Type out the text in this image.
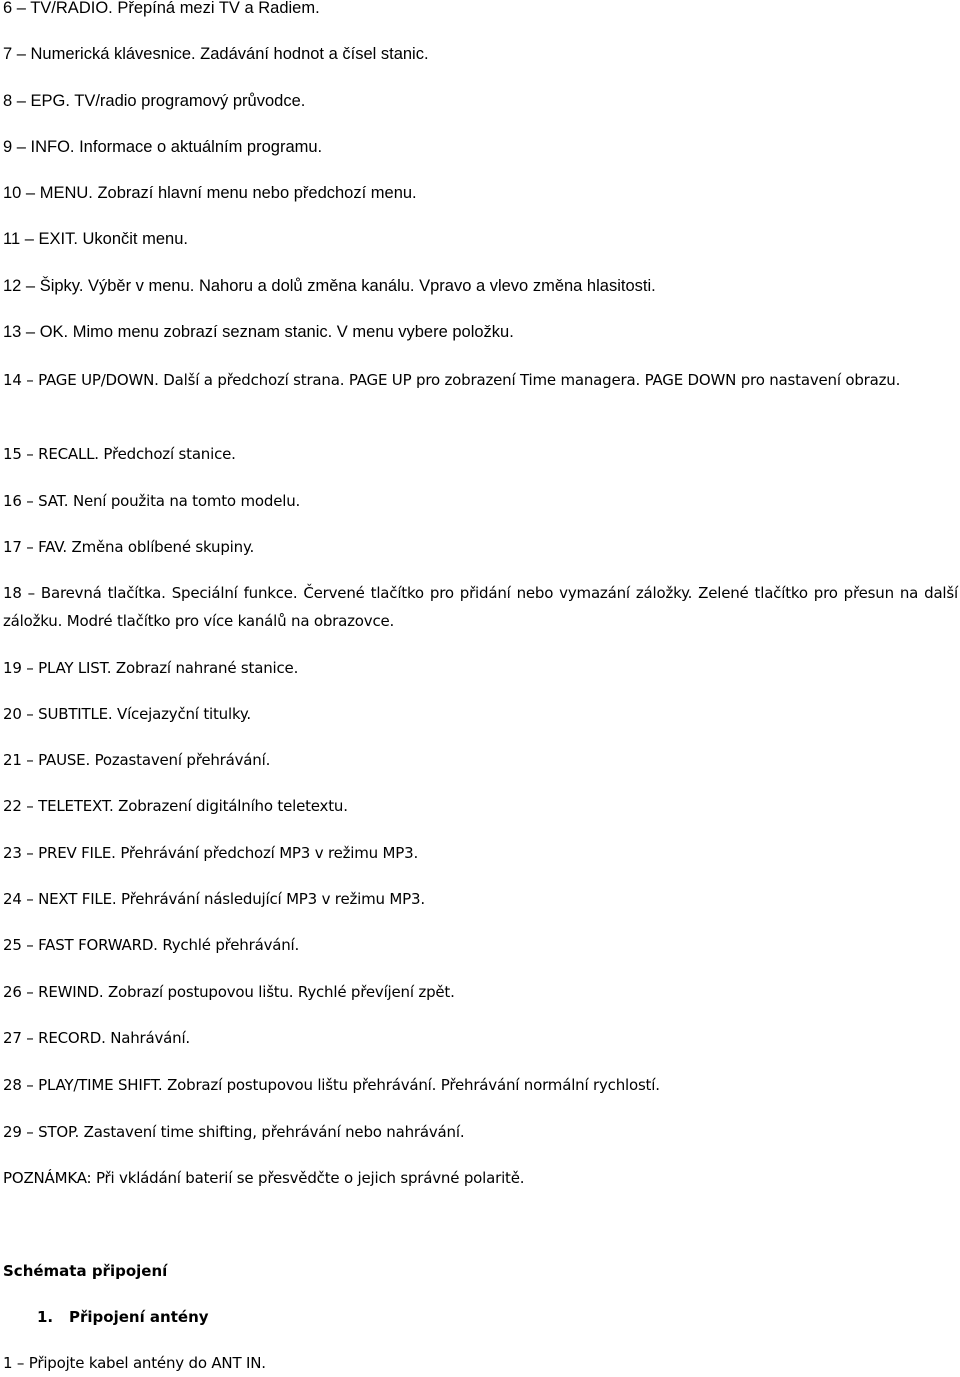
6 – TV/RADIO. Přepíná mezi TV a Radiem.

7 – Numerická klávesnice. Zadávání hodnot a čísel stanic.

8 – EPG. TV/radio programový průvodce.

9 – INFO. Informace o aktuálním programu.

10 – MENU. Zobrazí hlavní menu nebo předchozí menu.

11 – EXIT. Ukončit menu.

12 – Šipky. Výběr v menu. Nahoru a dolů změna kanálu. Vpravo a vlevo změna hlasitosti.

13 – OK. Mimo menu zobrazí seznam stanic. V menu vybere položku.

14 – PAGE UP/DOWN. Další a předchozí strana. PAGE UP pro zobrazení Time managera. PAGE DOWN pro nastavení obrazu.

15 – RECALL. Předchozí stanice.

16 – SAT. Není použita na tomto modelu.

17 – FAV. Změna oblíbené skupiny.

18 – Barevná tlačítka. Speciální funkce. Červené tlačítko pro přidání nebo vymazání záložky. Zelené tlačítko pro přesun na další záložku. Modré tlačítko pro více kanálů na obrazovce.

19 – PLAY LIST. Zobrazí nahrané stanice.

20 – SUBTITLE. Vícejazyční titulky.

21 – PAUSE. Pozastavení přehrávání.

22 – TELETEXT. Zobrazení digitálního teletextu.

23 – PREV FILE. Přehrávání předchozí MP3 v režimu MP3.

24 – NEXT FILE. Přehrávání následující MP3 v režimu MP3.

25 – FAST FORWARD. Rychlé přehrávání.

26 – REWIND. Zobrazí postupovou lištu. Rychlé převíjení zpět.

27 – RECORD. Nahrávání.

28 – PLAY/TIME SHIFT. Zobrazí postupovou lištu přehrávání. Přehrávání normální rychlostí.

29 – STOP. Zastavení time shifting, přehrávání nebo nahrávání.

POZNÁMKA: Při vkládání baterií se přesvědčte o jejich správné polaritě.

Schémata připojení

1. Připojení antény

1 – Připojte kabel antény do ANT IN.
